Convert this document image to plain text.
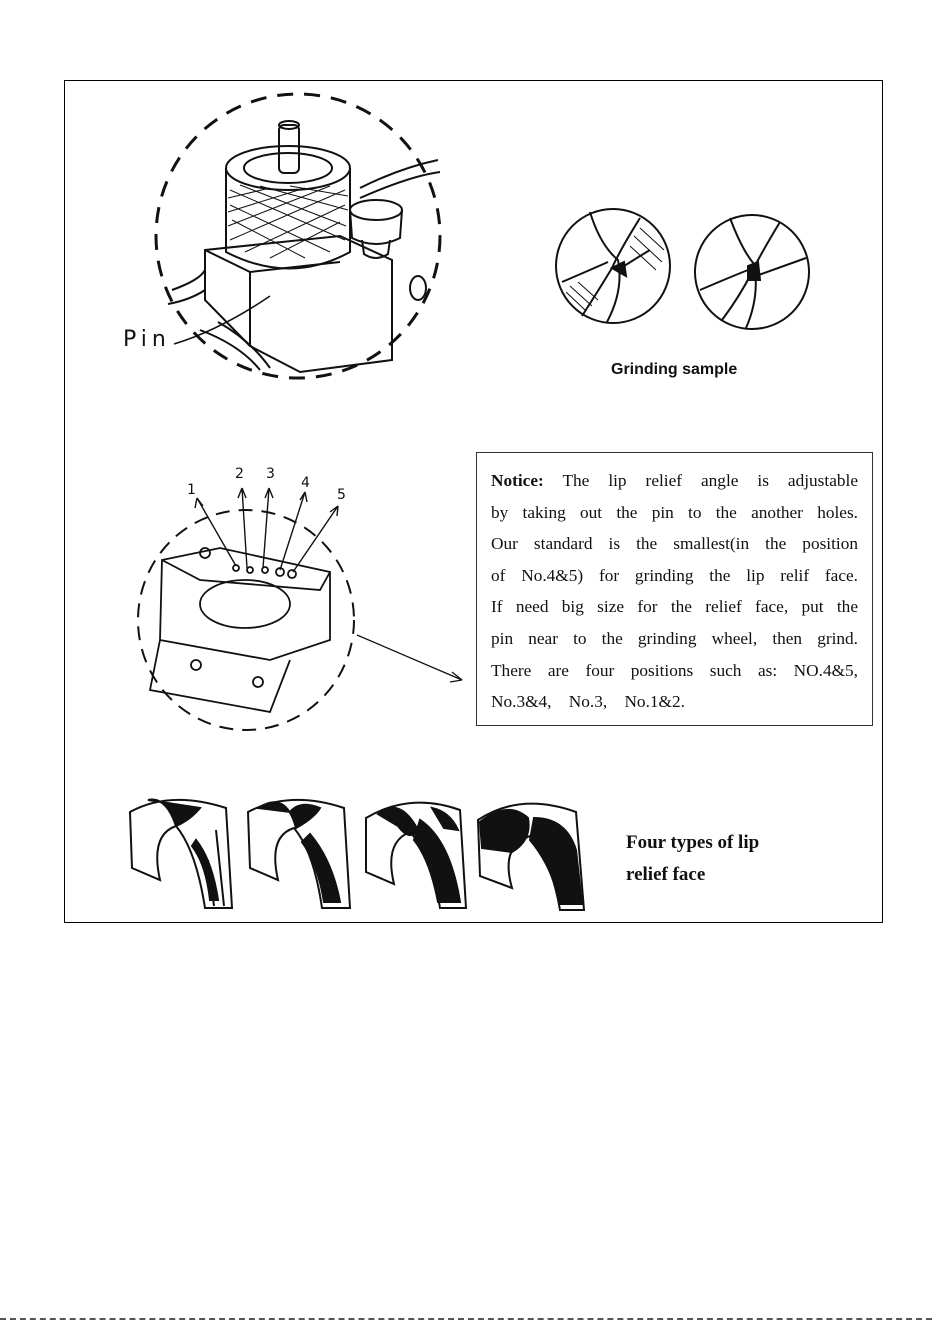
1
2 3
4
5
Pin
Grinding sample
Notice: The lip relief angle is adjustable
by taking out the pin to the another holes.
Our standard is the smallest(in the position
of No.4&5) for grinding the lip relif face.
If need big size for the relief face, put the
pin near to the grinding wheel, then grind.
There are four positions such as: NO.4&5,
No.3&4,    No.3,    No.1&2.
Four types of lip
relief face
